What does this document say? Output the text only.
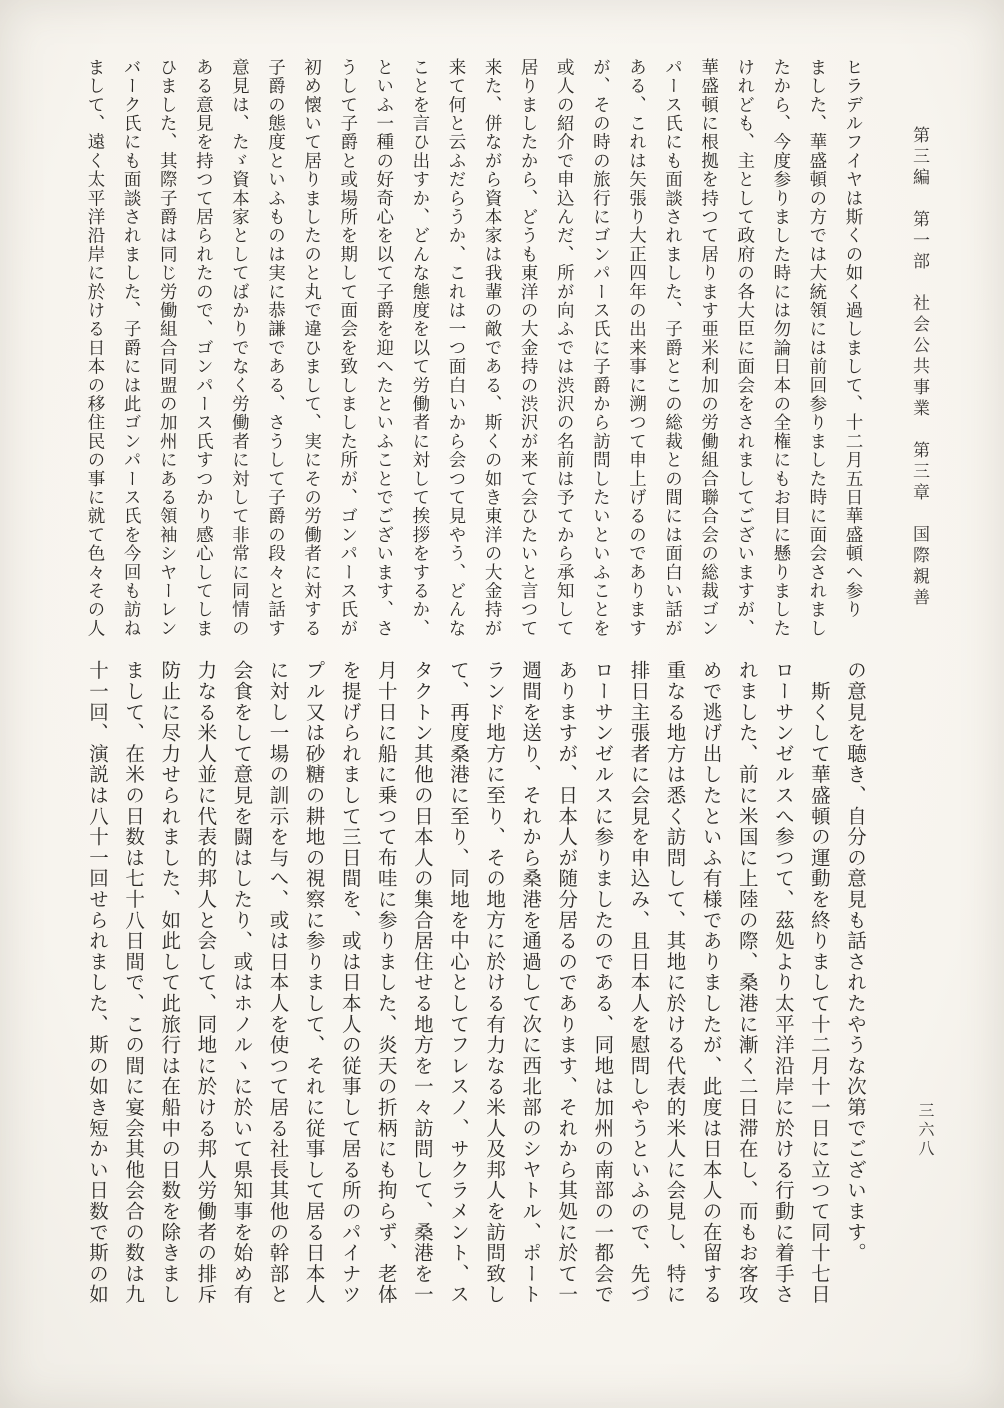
第三編　第一部　社会公共事業　第三章　国際親善
ヒラデルフイヤは斯くの如く過しまして、十二月五日華盛頓へ参り
ました、華盛頓の方では大統領には前回参りました時に面会されまし
たから、今度参りました時には勿論日本の全権にもお目に懸りました
けれども、主として政府の各大臣に面会をされましてございますが、
華盛頓に根拠を持つて居ります亜米利加の労働組合聯合会の総裁ゴン
パース氏にも面談されました、子爵とこの総裁との間には面白い話が
ある、これは矢張り大正四年の出来事に溯つて申上げるのであります
が、その時の旅行にゴンパース氏に子爵から訪問したいといふことを
或人の紹介で申込んだ、所が向ふでは渋沢の名前は予てから承知して
居りましたから、どうも東洋の大金持の渋沢が来て会ひたいと言つて
来た、併ながら資本家は我輩の敵である、斯くの如き東洋の大金持が
来て何と云ふだらうか、これは一つ面白いから会つて見やう、どんな
ことを言ひ出すか、どんな態度を以て労働者に対して挨拶をするか、
といふ一種の好奇心を以て子爵を迎へたといふことでございます、さ
うして子爵と或場所を期して面会を致しました所が、ゴンパース氏が
初め懐いて居りましたのと丸で違ひまして、実にその労働者に対する
子爵の態度といふものは実に恭謙である、さうして子爵の段々と話す
意見は、たゞ資本家としてばかりでなく労働者に対して非常に同情の
ある意見を持つて居られたので、ゴンパース氏すつかり感心してしま
ひました、其際子爵は同じ労働組合同盟の加州にある領袖シヤーレン
バーク氏にも面談されました、子爵には此ゴンパース氏を今回も訪ね
まして、遠く太平洋沿岸に於ける日本の移住民の事に就て色々その人
の意見を聴き、自分の意見も話されたやうな次第でございます。
　斯くして華盛頓の運動を終りまして十二月十一日に立つて同十七日
ローサンゼルスへ参つて、茲処より太平洋沿岸に於ける行動に着手さ
れました、前に米国に上陸の際、桑港に漸く二日滞在し、而もお客攻
めで逃げ出したといふ有様でありましたが、此度は日本人の在留する
重なる地方は悉く訪問して、其地に於ける代表的米人に会見し、特に
排日主張者に会見を申込み、且日本人を慰問しやうといふので、先づ
ローサンゼルスに参りましたのである、同地は加州の南部の一都会で
ありますが、日本人が随分居るのであります、それから其処に於て一
週間を送り、それから桑港を通過して次に西北部のシヤトル、ポート
ランド地方に至り、その地方に於ける有力なる米人及邦人を訪問致し
て、再度桑港に至り、同地を中心としてフレスノ、サクラメント、ス
タクトン其他の日本人の集合居住せる地方を一々訪問して、桑港を一
月十日に船に乗つて布哇に参りました、炎天の折柄にも拘らず、老体
を提げられまして三日間を、或は日本人の従事して居る所のパイナツ
プル又は砂糖の耕地の視察に参りまして、それに従事して居る日本人
に対し一場の訓示を与へ、或は日本人を使つて居る社長其他の幹部と
会食をして意見を闘はしたり、或はホノルヽに於いて県知事を始め有
力なる米人並に代表的邦人と会して、同地に於ける邦人労働者の排斥
防止に尽力せられました、如此して此旅行は在船中の日数を除きまし
まして、在米の日数は七十八日間で、この間に宴会其他会合の数は九
十一回、演説は八十一回せられました、斯の如き短かい日数で斯の如	三六八
